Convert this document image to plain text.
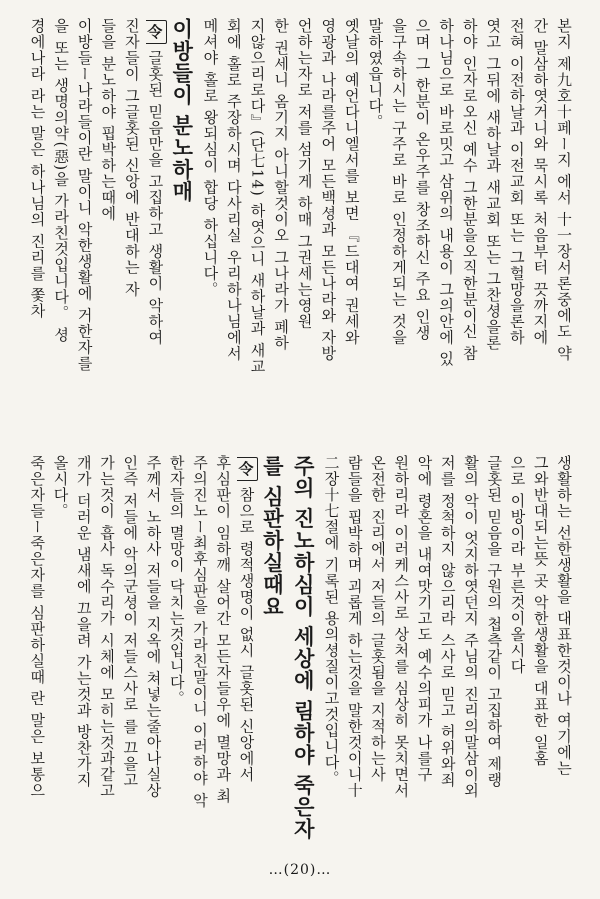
본지 제九호十페ー지 에서 十一장서론중에도 약
간 말삼하엿거니와 묵시록 처음부터 끗까지에
전혀 이전하날과 이전교회 또는 그헐망을론하
엿고 그뒤에 새하날과 새교회 또는 그찬셩을론
하야 인자로오신 예수 그한분을오직한분이신 참
하나님으로 바로밋고 삼위의 내용이 그의안에 있
으며 그 한분이 온우주를 창조하신 주요 인생
을구속하시는 구주로 바로 인정하게되는 것을
말하였읍니다。
옛날의 예언다니엘서를 보면 『드대여 권세와
영광과 나라를주어 모든백셩과 모든나라와 자방
언하는자로 저를 섬기게 하매 그권세는영원
한 권세니 옴기지 아니할것이오 그나라가 페하
지않으리로다』(단七14) 하엿으니 새하날과 새교
회에 홀로 주장하시며 다사리실 우리하나님에서
메셔야 홀로 왕되심이 합당 하십니다。
이방들이 분노하매
令글홋된 믿음만을 고집하고 생활이 악하여
진자들이 그글홋된 신앙에 반대하는 자
들을 분노하야 핍박하는때에
이방들ー나라들이란 말이니 악한생활에 거한자를
을 또는 생명의약(惡)을 가라친것입니다。 셩
경에나라 라는 말은 하나님의 진리를 쫓차
생활하는 선한생활을 대표한것이나 여기에는
그와반대되는뜻 곳 악한생활을 대표한 일홈
으로 이방이라 부른것이올시다
글홋된 믿음을 구원의 첩측같이 고집하여 제랭
활의 악이 엇지하엿던지 주님의 진리의말삼이외
저를 정척하지 않으리라 스사로 믿고 허위와죄
악에 령혼을 내여맛기고도 예수의피가 나를구
원하리라 이러케스사로 상처를 심상히 못치면서
온전한 진리에서 저들의 글홋됨을 지적하는사
람들을 핍박하며 괴롭게 하는것을 말한것이니十
二장十七절에 기록된 용의셩질이고것입니다。
주의 진노하심이 세상에 림하야 죽은자
를 심판하실때요
令참으로 령적생명이 없시 글홋된 신앙에서
후심판이 임하깨 살어간 모든자들우에 멸망과 최
주의진노ー최후심판을 가라친말이니 이러하야 악
한자들의 멸망이 닥치는것입니다。
주께서 노하사 저들을 지옥에 쳐넣는줄아나실상
인즉 저들에 악의군셩이 저들스사로 를 끄을고
가는것이 흡사 독수리가 시체에 모히는것과같고
개가 더러운 냄새에 끄을려 가는것과 방찬가지
올시다。
죽은자들ー죽은자를 심판하실때 란 말은 보통으
…(20)…
